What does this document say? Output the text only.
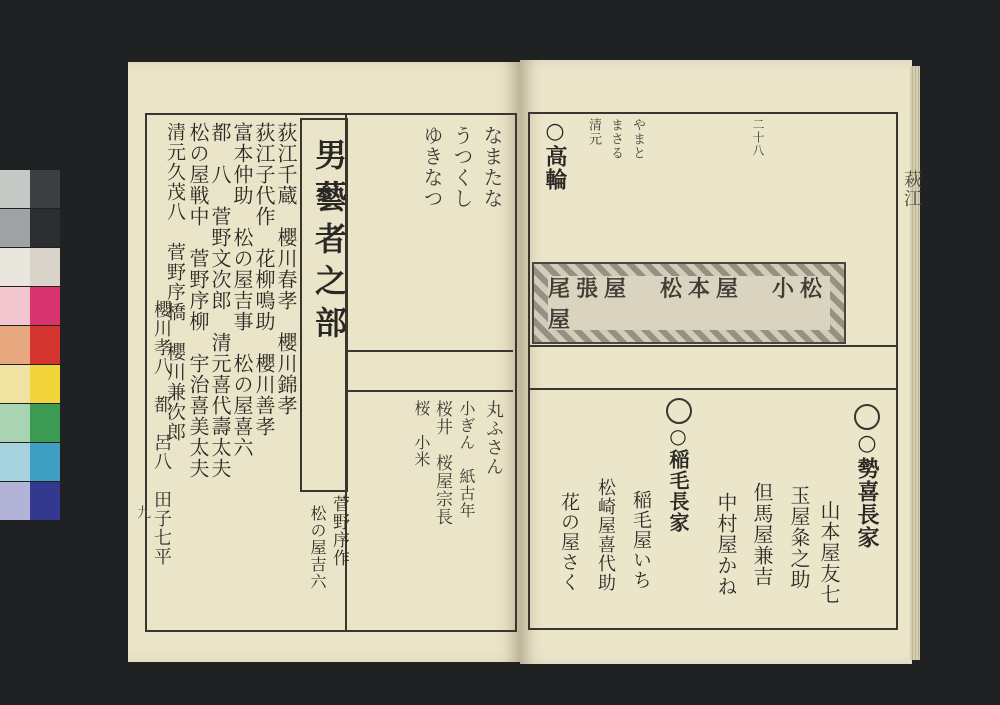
男藝者之部
荻江千蔵　櫻川春孝　櫻川錦孝
荻江子代作　花柳鳴助　櫻川善孝
富本仲助　松の屋吉事　松の屋喜六
都　八　菅野文次郎　清元喜代壽太夫
松の屋戦中　菅野序柳　宇治喜美太夫
清元久茂八　菅野序橋　櫻川兼次郎
櫻川孝八　都　呂八　田子七平	菅野序作
松の屋吉六
なまたな
うつくし
ゆきなつ
丸ふさん
小ぎん　紙古年
桜　小米 桜井　桜屋宗長
九
二十八
やまと
まさる
清元
○高輪
尾張屋　松本屋　小松屋
○勢喜長家
山本屋友七
玉屋粂之助
但馬屋兼吉
中村屋かね
○稲毛長家
稲毛屋いち
松崎屋喜代助
花の屋さく
萩江
